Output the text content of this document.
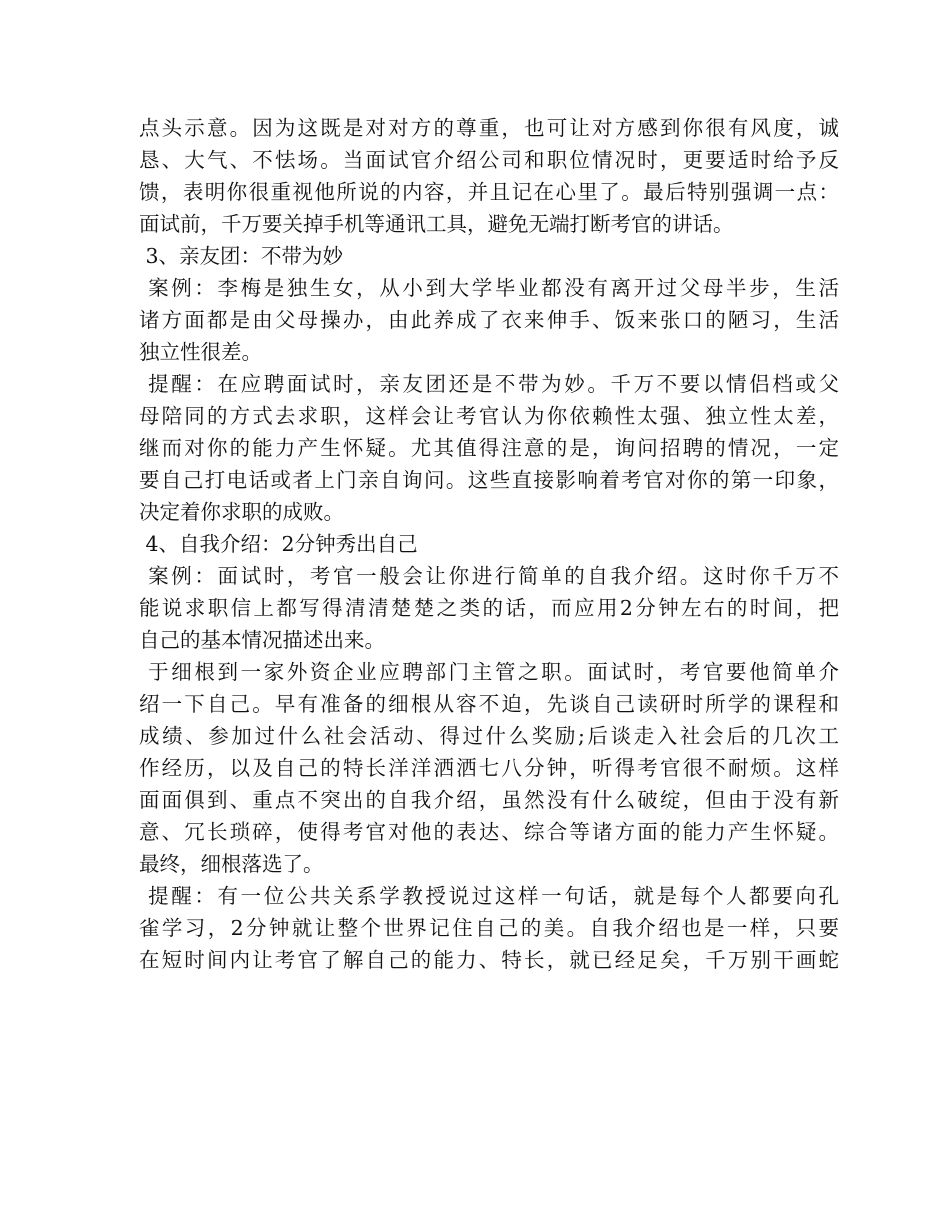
点头示意。因为这既是对对方的尊重，也可让对方感到你很有风度，诚
恳、大气、不怯场。当面试官介绍公司和职位情况时，更要适时给予反
馈，表明你很重视他所说的内容，并且记在心里了。最后特别强调一点：
面试前，千万要关掉手机等通讯工具，避免无端打断考官的讲话。
3、亲友团：不带为妙
案例：李梅是独生女，从小到大学毕业都没有离开过父母半步，生活
诸方面都是由父母操办，由此养成了衣来伸手、饭来张口的陋习，生活
独立性很差。
提醒：在应聘面试时，亲友团还是不带为妙。千万不要以情侣档或父
母陪同的方式去求职，这样会让考官认为你依赖性太强、独立性太差，
继而对你的能力产生怀疑。尤其值得注意的是，询问招聘的情况，一定
要自己打电话或者上门亲自询问。这些直接影响着考官对你的第一印象，
决定着你求职的成败。
4、自我介绍：2分钟秀出自己
案例：面试时，考官一般会让你进行简单的自我介绍。这时你千万不
能说求职信上都写得清清楚楚之类的话，而应用2分钟左右的时间，把
自己的基本情况描述出来。
于细根到一家外资企业应聘部门主管之职。面试时，考官要他简单介
绍一下自己。早有准备的细根从容不迫，先谈自己读研时所学的课程和
成绩、参加过什么社会活动、得过什么奖励;后谈走入社会后的几次工
作经历，以及自己的特长洋洋洒洒七八分钟，听得考官很不耐烦。这样
面面俱到、重点不突出的自我介绍，虽然没有什么破绽，但由于没有新
意、冗长琐碎，使得考官对他的表达、综合等诸方面的能力产生怀疑。
最终，细根落选了。
提醒：有一位公共关系学教授说过这样一句话，就是每个人都要向孔
雀学习，2分钟就让整个世界记住自己的美。自我介绍也是一样，只要
在短时间内让考官了解自己的能力、特长，就已经足矣，千万别干画蛇
